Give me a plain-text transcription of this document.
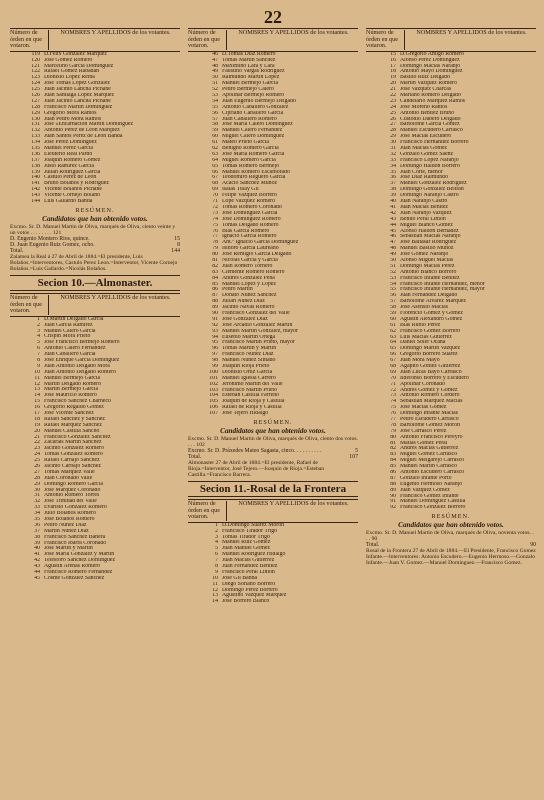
22
Número de órden en que votaron.
NOMBRES Y APELLIDOS de los votantes.
119 D.Félix González Marquez
120 José Gomez Romero
121 Marcelino Garcia Dominguez
122 Rafael Gomez Rabadan
123 Dionisio Lopez Reina
124 José Tomás Lopez Gonzalez
125 Juan Jacinto Lancha Pichane
126 Juan Santiaga Lopez Marquez
127 Juan Jacinto Lancha Pichane
128 Francisco Martin Dominguez
129 Gregorio Mora Ramos
130 Juan Pedro Mora Ramos
131 José «Encarnacion Martin Dominguez
132 Antonio Perez de Leon Marquez
133 Juan Santos Perez de Leon Banda
134 José Perez Dominguez
135 Manuel Perez Garcia
136 Eleuterio Real Pardo
137 Joaquin Romero Gomez
138 Justo Ramirez García
139 Julian Rodriguez Garcia
140 Castulo Perez de Leon
141 Bruno Bolaños y Rodriguez
142 Vicente Bolaños Pichane
143 Vicente Cornejo Bolaño
144 Luis Gallardo Banda
RESÚMEN.
Candidatos que han obtenido votos.
Excmo. Sr. D. Manuel Martin de Oliva, marqués de Oliva, ciento veinte y un votos . . . . . . . . 121
D. Engenio Montero Rios, quince.	15
D. Juan Eugenio Ruiz Gomez, ocho.	8
Total.	144
Zalamea la Real á 27 de Abril de 1884.=El presidente, Luis Bolaños.=Interventores, Castulo Perez Leon.=Interventor, Vicente Cornejo Bolaños.=Luis Gallardo.=Nicolás Bolaños.
Secion 10.—Almonaster.
Número de órden en que votaron.
NOMBRES Y APELLIDOS de los votantes.
1 D.Martin Delgado Garcia
2 Juan Garcia Ramirez
3 Manuel Calero Garcia
4 Crispin Mora Prieto
5 José Francisco Bermejo Romero
6 Antonio Calero Fernandez
7 Juan Caballero Garcia
8 José Enrique Garcia Dominguez
9 Juan Antonio Delgado Mora
10 Juan Antonio Delgado Romero
11 Manuel Bermejo Garcia
12 Martin Delgado Romero
13 Martin Bermejo Garcia
14 José Mauricio Romero
15 Francisco Sanchez Charneco
16 Gregorio Regaldo Gomez
17 José Vicente Sanchez
18 Rafael Sanchez y Sanchez
19 Rafael Marquez Sanchez
20 Manuel Castilla Sancho
21 Francisco Gonzalez Sanchez
22 Zacarias Martin Sanchez
23 Jacinto Gonzalez Romero
24 Tomás Gonzalez Romero
25 Rafael Carbajo Sanchez
26 Jacinto Carbajo Sanchez
27 Tomás Marquez Valle
28 Juan Coronado Valle
29 Domingo Romero Garcia
30 José Marquez Coronado
31 Antonio Romero Torres
32 José Trinidad del Valle
33 Evaristo Gonzalez Romero
34 Julio Bolaños Romero
35 José Bolaños Romero
36 Pedro Nuñez Diaz
37 Martin Nuñez Diaz
38 Francisco Sanchez Banera
39 Francisco Ibarra Coronado
40 José Martin y Martin
41 José Maria Gonzalez y Martin
42 Telesforo Sanchez Dominguez
43 Agustin Arenas Romero
44 Francisco Romero Fernandez
45 Cosme Gonzalez Sanchez
Número de órden en que votaron.
NOMBRES Y APELLIDOS de los votantes.
46 D.Tomás Diaz Romero
47 Tomás Martin Sanchez
48 Maximino Lara y Lara
49 Faustino Vargas Rodriguez
50 Raimundo Martin Lopez
51 Manuel Bermejo Garcia
52 Pedro Bermejo Calero
53 Apolinar Bermejo Romero
54 Juan Eugenio Bermejo Delgado
55 Antonio Caballero Gonzalez
56 Cipriano Caballero Garcia
57 Juan Caballero Romero
58 José Maria Calero Dominguez
59 Manuel Calero Fernandez
60 Miguel Calero Dominguez
61 Mateo Prieto Garcia
62 Benigno Romero Garcia
63 José Maria Romero Garcia
64 Miguel Romero Garcia
65 Tomás Romero Bermejo
66 Manuel Romero Escamorado
67 Teodomiro Reguero Garcia
68 Acacio Sanchez Muñoz
69 Isaias Tulay Gil
70 Felipe Vazquez Borrero
71 Lope Vazquez Romero
72 Tomás Romero Coronado
73 José Dominguez Garcia
74 José Dominguez Romero
75 Tomás Delgado Romero
76 Blas Garcia Romero
77 Ignacio Garcia Romero
78 Ant.º Ignacio Garcia Dominguez
79 Isidoro Garcia Laureano
80 José Remigio Garcia Delgado
81 Nicolás Garcia y Garcia
82 Juan Romero Tornero
83 Clemente Romero Romero
84 Andrés Gonzalez Peña
85 Manuel Lopez y Lopez
86 Pedro Martin
87 Donato Nuñez Sanchez
88 Julian Nuñez Diaz
89 Jacinto Navas Romero
90 Francisco Gonzalez del Valle
91 José Gonzalez Diaz
92 José Arcadio Gonzalez Martin
93 Manuel Martin Gonzalez, mayor
94 Eusebio Martin Ortega
95 Francisco Martin Prieto, mayor
96 Tomás Martin y Martin
97 Francisco Nuñez Diaz
98 Manuel Nuñez Sintado
99 Joaquin Rioja Prieto
100 Dionisio Ortiz Garcia
101 Manuel Iglesia Carrero
102 Jerónimo Martin del Valle
103 Francisco Martin Prieto
104 Esteban Castilla Farreño
105 Joaquin de Rioja y Castilla
106 Rafael de Rioja y Castilla
107 José Tejero Hidalgo
RESÚMEN.
Candidatos que han obtenido votos.
Excmo. Sr. D. Manuel Martin de Oliva, marqués de Oliva, ciento dos votos. . . . 102
Excmo. Sr. D. Práxedes Mateo Sagasta, cinco. . . . . . . . . .	5
Total.	107
Almonaster 27 de Abril de 1884.=El presidente, Rafael de Rioja.=Interventor, José Tejero.—Joaquin de Rioja.=Esteban Castilla.=Francisco Barrera.
Secion 11.-Rosal de la Frontera
Número de órden en que votaron.
NOMBRES Y APELLIDOS de los votantes.
1 D.Domingo Suarez Moron
2 Francisco Tirador Trigo
3 Tomás Tirador Trigo
4 Manuel Ruiz Gomez
5 Juan Manuel Gomez
6 Manuel Rodriguez Hidalgo
7 Juan Macias Gutierrez
8 Juan Fernandez Benitez
9 Francisco Peral Limon
10 José Gil Banda
11 Diego Soriano Borrero
12 Domingo Perez Borrero
13 Agustino Vazquez Marquez
14 José Borrero Blanco
Número de órden en que votaron.
NOMBRES Y APELLIDOS de los votantes.
15 D.Gregorio Amigo Romero
16 Alonso Perez Dominguez
17 Domingo Macias Naranjo
18 Antonio Mayo Dominguez
19 Basilio Ruiz Delgado
20 Martin Vazquez Romero
21 José Vazquez Charcas
22 Mariano Romero Delgado
23 Candelario Marquez Ramos
24 José Moreno Ramos
25 Antonio Benitez Bruno
26 Custodio Dabero Delgado
27 Bartolomé Garcia Gomez
28 Manuel Escudero Carrasco
29 José Macias Escudero
30 Francisco Hernandez Borrero
31 Juan Macias Gomez
32 Gonzalo Gomez Saenz
33 Francisco Lopez Naranjo
34 Domingo Haldon Borrero
35 Juan Corte, menor
36 José Diaz Raimundo
37 Manuel Gonzalez Rodriguez
38 Domingo Gonzalez Beltran
39 Domingo Naranjo Castro
40 Juan Naranjo Castro
41 Juan Macias Benitez
42 Juan Naranjo Vazquez
43 Benito Peral Limon
44 Miguel Blanco Gomez
45 Alonso Haldon Bernadez
46 Sebastian Macias Naranjo
47 José Baltasar Rodriguez
48 Manuel Basilio Muñoz
49 José Gomez Naranjo
50 Alonso Miguel Macias
51 Domingo Macias Perez
52 Antonio Blanco Borrero
53 Francisco Infante Benitez
54 Francisco Infante Hernandez, menor
55 Francisco Infante Hernandez, mayor
56 Juan Fernandez Delgado
57 Bartolomé Alvarez Marquez
58 José Asensio Macias
59 Florencio Gomez y Gomez
60 Agustin Alexandro Gomez
61 Blas Rubio Perez
62 Francisco Gomez Borrero
63 Luis Macias Gutierrez
64 Daniel Soler Ocaña
65 Domingo Martin Vazquez
66 Gregorio Borrero Suarez
67 Juan Mora Mayo
68 Agapito Gomez Gutierrez
69 Juan Lucas Bayo Carrasco
70 Ildefonso Borrero y Escudero
71 Apolinar Coronado
72 Andrés Gomez y Gomez
73 Antonio Romero Cordero
74 Sebastian Marquez Macias
75 José Macias Gomez
76 Domingo Infante Macias
77 Pedro Escudero Carrasco
78 Bartolomé Gomez Moron
79 José Carrasco Perez
80 Antonio Francisco Pereyro
81 Matías Gomez Peral
82 Andrés Macias Gutierrez
83 Miguel Gomez Carrasco
84 Miguel Melgarejo Carrasco
85 Manuel Martin Carrasco
86 Antonio Escudero Carrasco
87 Gonzalo Infante Porto
88 Eugenio Hermoso Naranjo
89 Juan Vazquez Gomez
90 Francisco Gomez Infante
91 Manuel Dominguez Castilla
92 Francisco Gonzalez Borrero
RESÚMEN.
Candidatos que han obtenido votos.
Excmo. Sr. D. Manuel Martin de Oliva, marqués de Oliva, noventa votos. . . . 90
Total.	90
Rosal de la Frontera 27 de Abril de 1884.—El Presidente, Francisco Gomez Infante.—Interventores: Antonio Escudero.—Eugenio Hermoso.—Gonzalo Infante.—Juan V. Gomez.—Manuel Dominguez.—Francisco Gomez.
